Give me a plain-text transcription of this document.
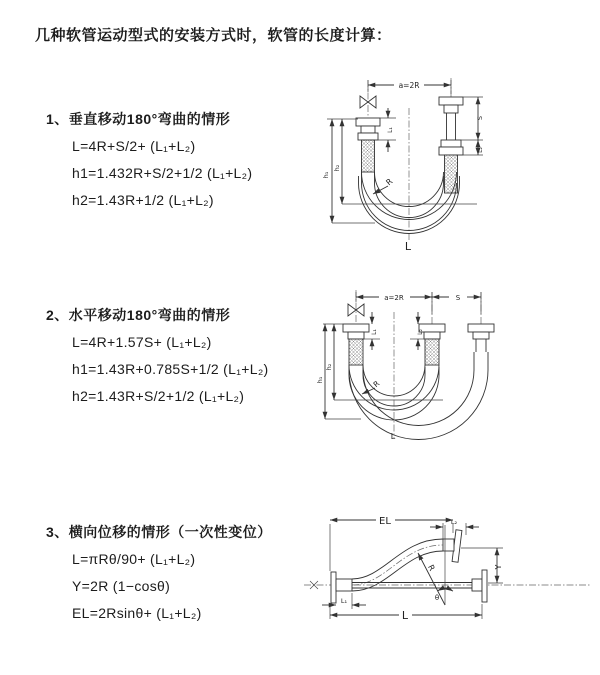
几种软管运动型式的安装方式时，软管的长度计算：
1、垂直移动180°弯曲的情形
L=4R+S/2+ (L₁+L₂)
h1=1.432R+S/2+1/2 (L₁+L₂)
h2=1.43R+1/2 (L₁+L₂)
2、水平移动180°弯曲的情形
L=4R+1.57S+ (L₁+L₂)
h1=1.43R+0.785S+1/2 (L₁+L₂)
h2=1.43R+S/2+1/2 (L₁+L₂)
3、横向位移的情形（一次性变位）
L=πRθ/90+ (L₁+L₂)
Y=2R (1−cosθ)
EL=2Rsinθ+ (L₁+L₂)
a=2R
h₁
h₂
L₁
S
L₂
R
L
a=2R	S
h₁
h₂
L₁	L₂
R
L
EL	L₂
Y
R
θ
L
L₁
